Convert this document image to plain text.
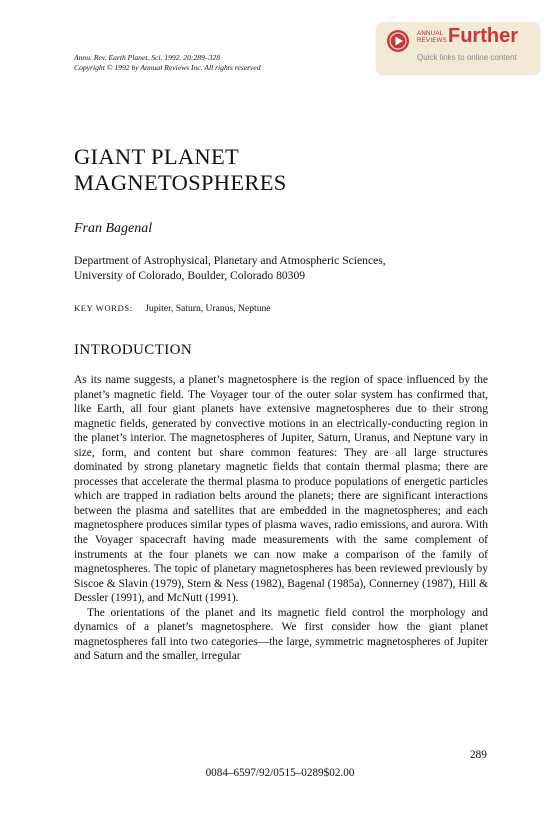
Annu. Rev. Earth Planet. Sci. 1992. 20:289–328
Copyright © 1992 by Annual Reviews Inc. All rights reserved
ANNUAL
REVIEWS Further
Quick links to online content
GIANT PLANET
MAGNETOSPHERES
Fran Bagenal
Department of Astrophysical, Planetary and Atmospheric Sciences,
University of Colorado, Boulder, Colorado 80309
KEY WORDS: Jupiter, Saturn, Uranus, Neptune
INTRODUCTION

As its name suggests, a planet’s magnetosphere is the region of space influenced by the planet’s magnetic field. The Voyager tour of the outer solar system has confirmed that, like Earth, all four giant planets have extensive magnetospheres due to their strong magnetic fields, generated by convective motions in an electrically-conducting region in the planet’s interior. The magnetospheres of Jupiter, Saturn, Uranus, and Neptune vary in size, form, and content but share common features: They are all large structures dominated by strong planetary magnetic fields that contain thermal plasma; there are processes that accelerate the thermal plasma to produce populations of energetic particles which are trapped in radiation belts around the planets; there are significant interactions between the plasma and satellites that are embedded in the magnetospheres; and each magnetosphere produces similar types of plasma waves, radio emissions, and aurora. With the Voyager spacecraft having made measurements with the same complement of instruments at the four planets we can now make a comparison of the family of magnetospheres. The topic of planetary magnetospheres has been reviewed previously by Siscoe & Slavin (1979), Stern & Ness (1982), Bagenal (1985a), Connerney (1987), Hill & Dessler (1991), and McNutt (1991).

The orientations of the planet and its magnetic field control the morphology and dynamics of a planet’s magnetosphere. We first consider how the giant planet magnetospheres fall into two categories—the large, symmetric magnetospheres of Jupiter and Saturn and the smaller, irregular

289
0084–6597/92/0515–0289$02.00
